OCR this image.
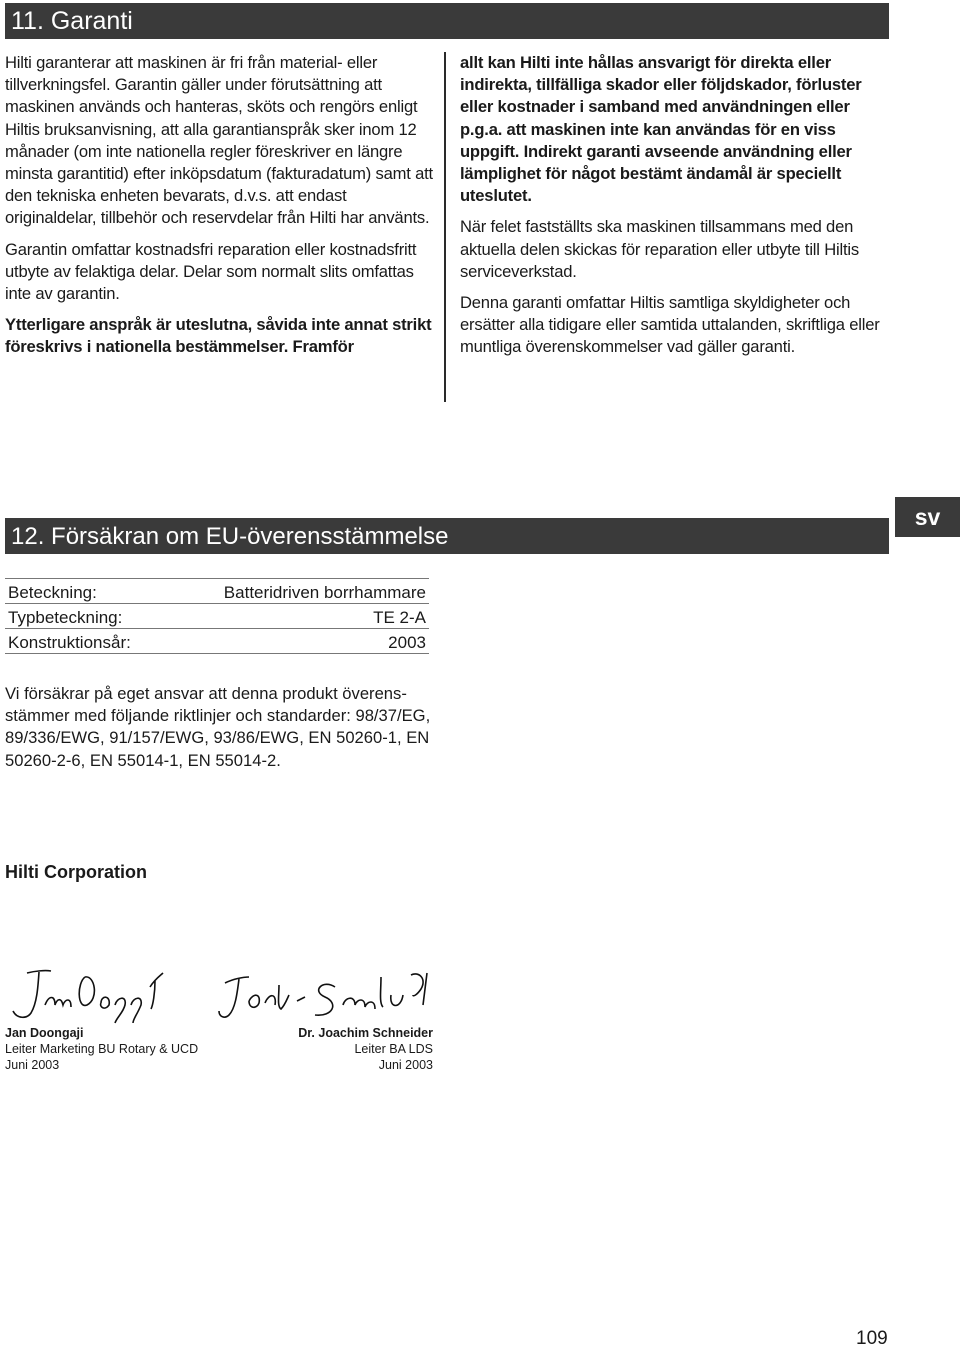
11. Garanti

Hilti garanterar att maskinen är fri från material- eller tillverkningsfel. Garantin gäller under förutsättning att maskinen används och hanteras, sköts och rengörs enligt Hiltis bruksanvisning, att alla garantianspråk sker inom 12 månader (om inte nationella regler föreskriver en längre minsta garantitid) efter inköpsdatum (fakturadatum) samt att den tekniska enheten bevarats, d.v.s. att endast originaldelar, tillbehör och reservdelar från Hilti har använts.

Garantin omfattar kostnadsfri reparation eller kostnadsfritt utbyte av felaktiga delar. Delar som normalt slits omfattas inte av garantin.

Ytterligare anspråk är uteslutna, såvida inte annat strikt föreskrivs i nationella bestämmelser. Framför

allt kan Hilti inte hållas ansvarigt för direkta eller indirekta, tillfälliga skador eller följdskador, förluster eller kostnader i samband med användningen eller p.g.a. att maskinen inte kan användas för en viss uppgift. Indirekt garanti avseende användning eller lämplighet för något bestämt ändamål är speciellt uteslutet.

När felet fastställts ska maskinen tillsammans med den aktuella delen skickas för reparation eller utbyte till Hiltis serviceverkstad.

Denna garanti omfattar Hiltis samtliga skyldigheter och ersätter alla tidigare eller samtida uttalanden, skriftliga eller muntliga överenskommelser vad gäller garanti.

sv
12. Försäkran om EU-överensstämmelse
Beteckning:	Batteridriven borrhammare
Typbeteckning:	TE 2-A
Konstruktionsår:	2003

Vi försäkrar på eget ansvar att denna produkt överens-stämmer med följande riktlinjer och standarder: 98/37/EG, 89/336/EWG, 91/157/EWG, 93/86/EWG, EN 50260-1, EN 50260-2-6, EN 55014-1, EN 55014-2.

Hilti Corporation
Jan Doongaji
Leiter Marketing BU Rotary & UCD
Juni 2003
Dr. Joachim Schneider
Leiter BA LDS
Juni 2003
109
